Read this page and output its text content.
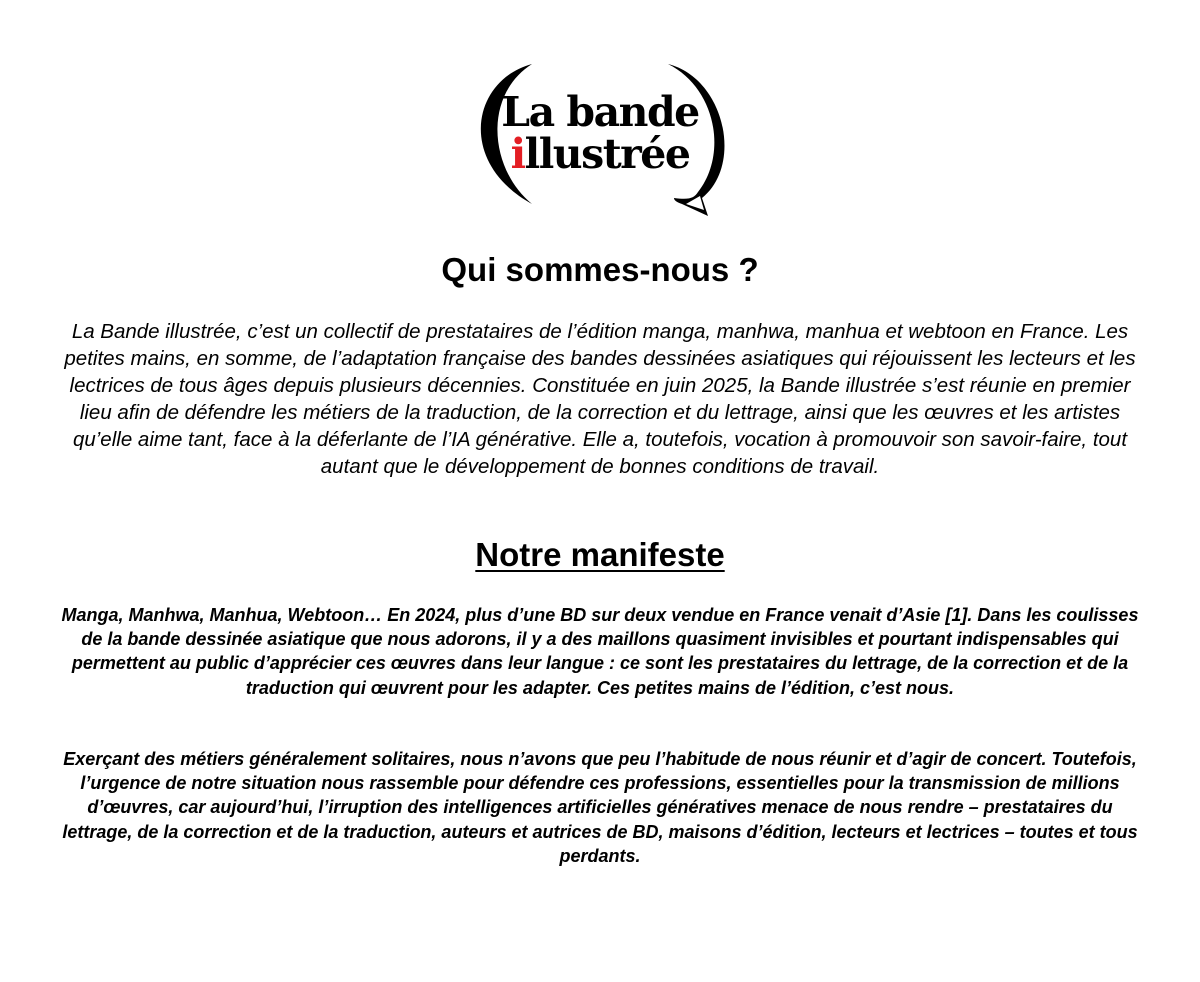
La bande
illustrée
Qui sommes-nous ?

La Bande illustrée, c’est un collectif de prestataires de l’édition manga, manhwa, manhua et webtoon en France. Les petites mains, en somme, de l’adaptation française des bandes dessinées asiatiques qui réjouissent les lecteurs et les lectrices de tous âges depuis plusieurs décennies. Constituée en juin 2025, la Bande illustrée s’est réunie en premier lieu afin de défendre les métiers de la traduction, de la correction et du lettrage, ainsi que les œuvres et les artistes qu’elle aime tant, face à la déferlante de l’IA générative. Elle a, toutefois, vocation à promouvoir son savoir-faire, tout autant que le développement de bonnes conditions de travail.

Notre manifeste

Manga, Manhwa, Manhua, Webtoon… En 2024, plus d’une BD sur deux vendue en France venait d’Asie [1]. Dans les coulisses de la bande dessinée asiatique que nous adorons, il y a des maillons quasiment invisibles et pourtant indispensables qui permettent au public d’apprécier ces œuvres dans leur langue : ce sont les prestataires du lettrage, de la correction et de la traduction qui œuvrent pour les adapter. Ces petites mains de l’édition, c’est nous.

Exerçant des métiers généralement solitaires, nous n’avons que peu l’habitude de nous réunir et d’agir de concert. Toutefois, l’urgence de notre situation nous rassemble pour défendre ces professions, essentielles pour la transmission de millions d’œuvres, car aujourd’hui, l’irruption des intelligences artificielles génératives menace de nous rendre – prestataires du lettrage, de la correction et de la traduction, auteurs et autrices de BD, maisons d’édition, lecteurs et lectrices – toutes et tous perdants.
